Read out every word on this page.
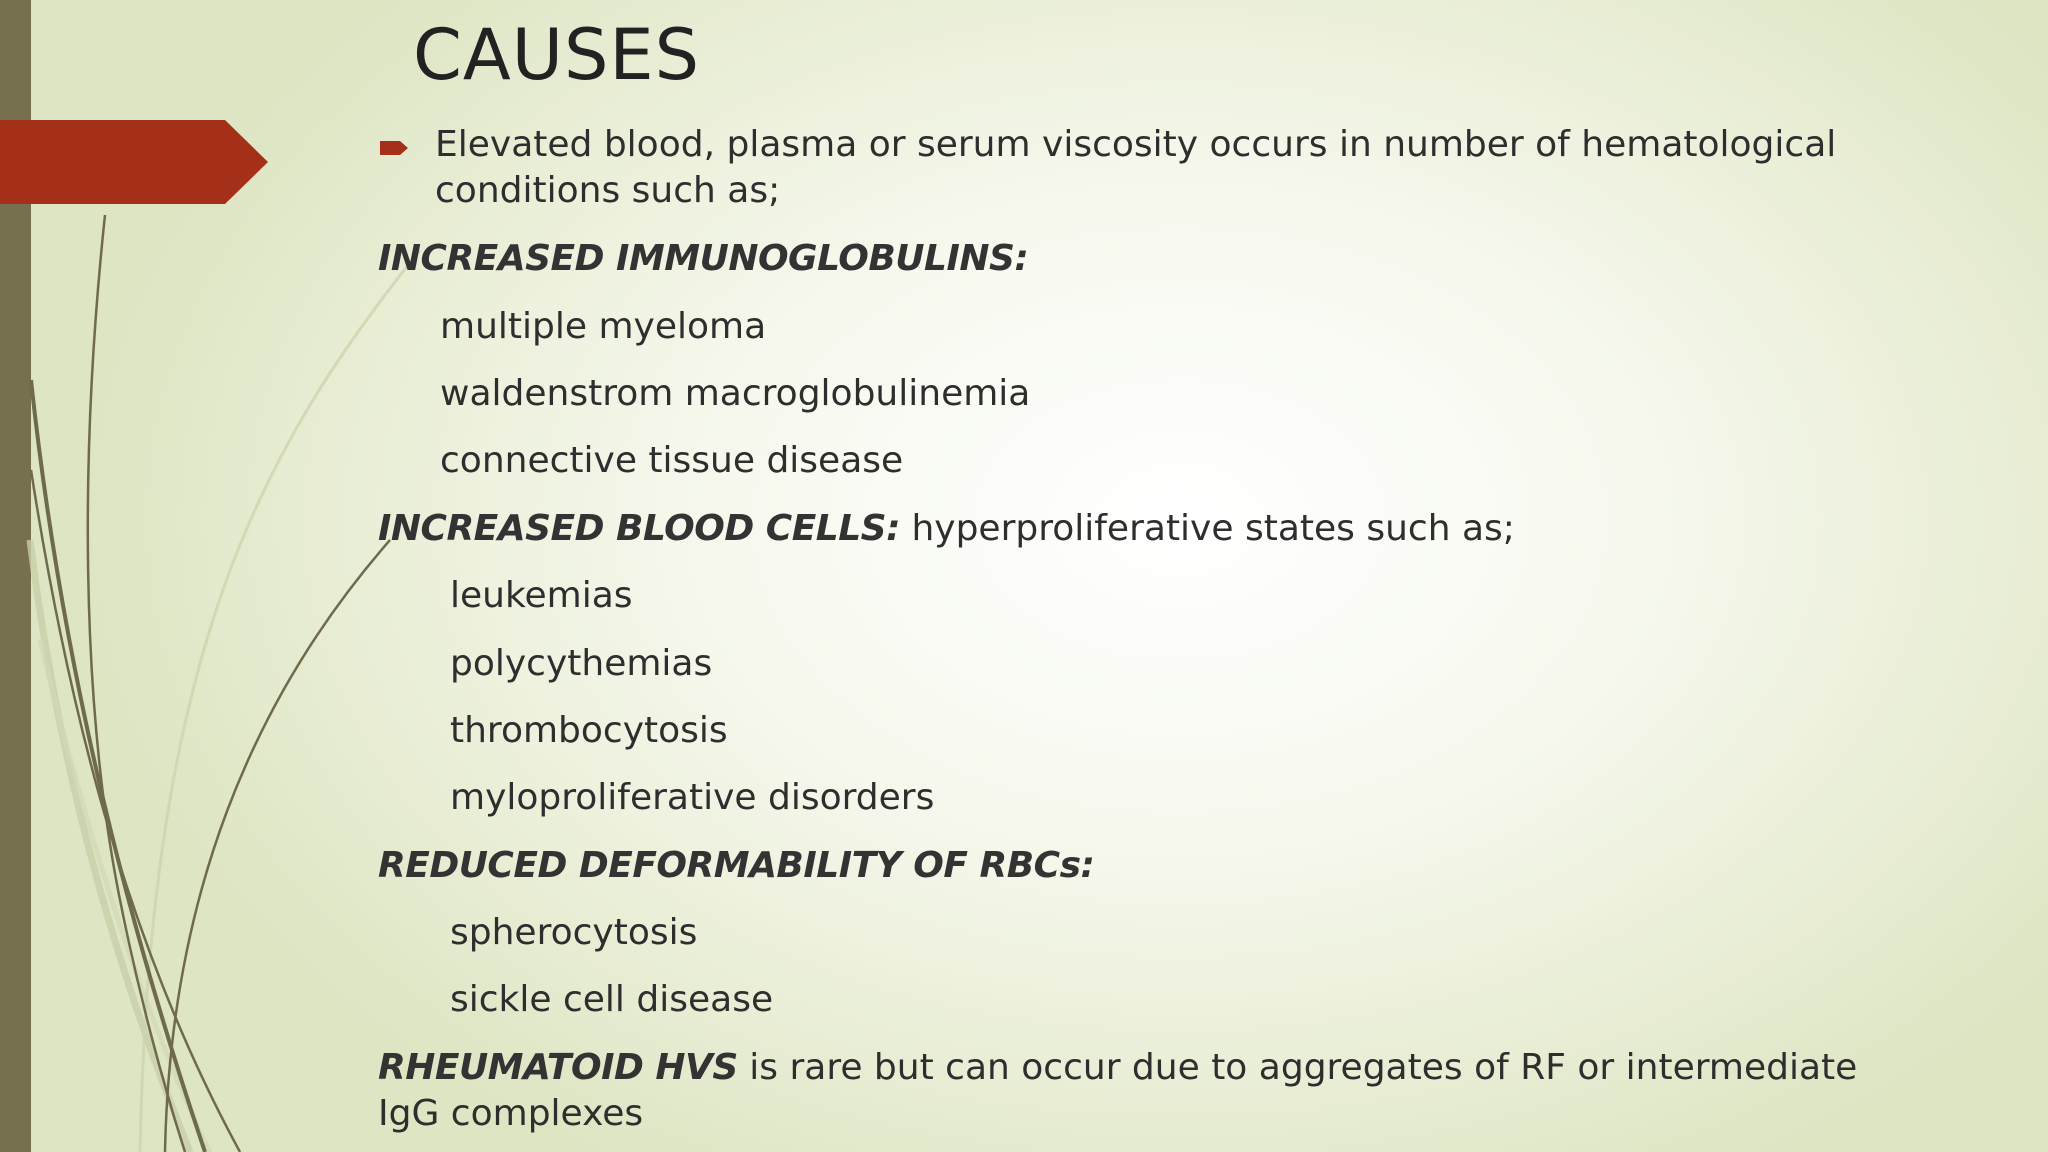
CAUSES
Elevated blood, plasma or serum viscosity occurs in number of hematological conditions such as;
INCREASED IMMUNOGLOBULINS:
multiple myeloma
waldenstrom macroglobulinemia
connective tissue disease
INCREASED BLOOD CELLS: hyperproliferative states such as;
leukemias
polycythemias
thrombocytosis
myloproliferative disorders
REDUCED DEFORMABILITY OF RBCs:
spherocytosis
sickle cell disease
RHEUMATOID HVS is rare but can occur due to aggregates of RF or intermediate IgG complexes
